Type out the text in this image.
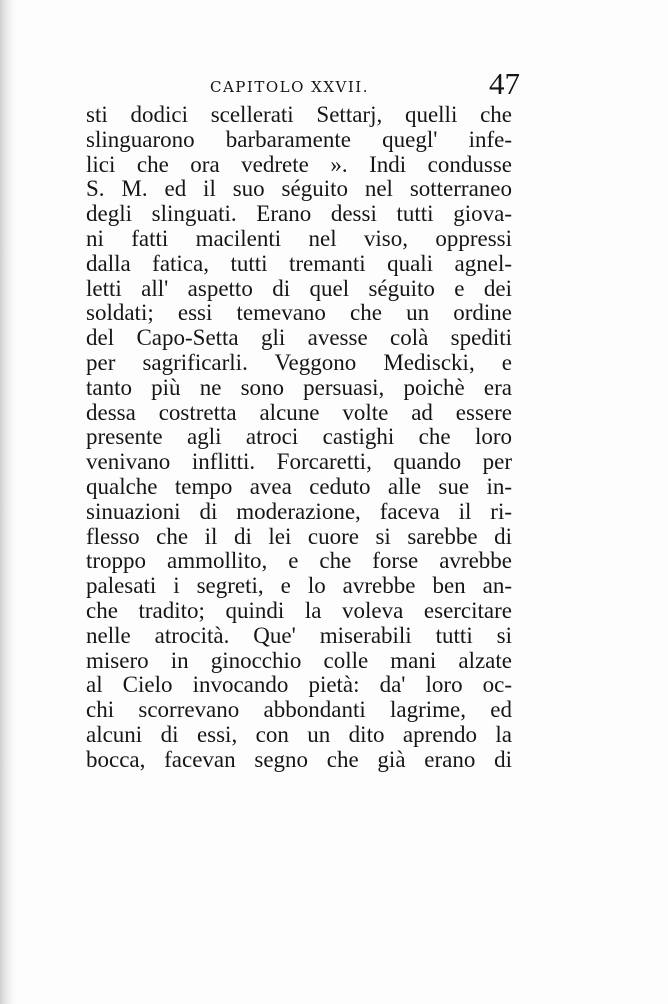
CAPITOLO XXVII.	47
sti dodici scellerati Settarj, quelli che
slinguarono barbaramente quegl' infe-
lici che ora vedrete ». Indi condusse
S. M. ed il suo séguito nel sotterraneo
degli slinguati. Erano dessi tutti giova-
ni fatti macilenti nel viso, oppressi
dalla fatica, tutti tremanti quali agnel-
letti all' aspetto di quel séguito e dei
soldati; essi temevano che un ordine
del Capo-Setta gli avesse colà spediti
per sagrificarli. Veggono Mediscki, e
tanto più ne sono persuasi, poichè era
dessa costretta alcune volte ad essere
presente agli atroci castighi che loro
venivano inflitti. Forcaretti, quando per
qualche tempo avea ceduto alle sue in-
sinuazioni di moderazione, faceva il ri-
flesso che il di lei cuore si sarebbe di
troppo ammollito, e che forse avrebbe
palesati i segreti, e lo avrebbe ben an-
che tradito; quindi la voleva esercitare
nelle atrocità. Que' miserabili tutti si
misero in ginocchio colle mani alzate
al Cielo invocando pietà: da' loro oc-
chi scorrevano abbondanti lagrime, ed
alcuni di essi, con un dito aprendo la
bocca, facevan segno che già erano di
